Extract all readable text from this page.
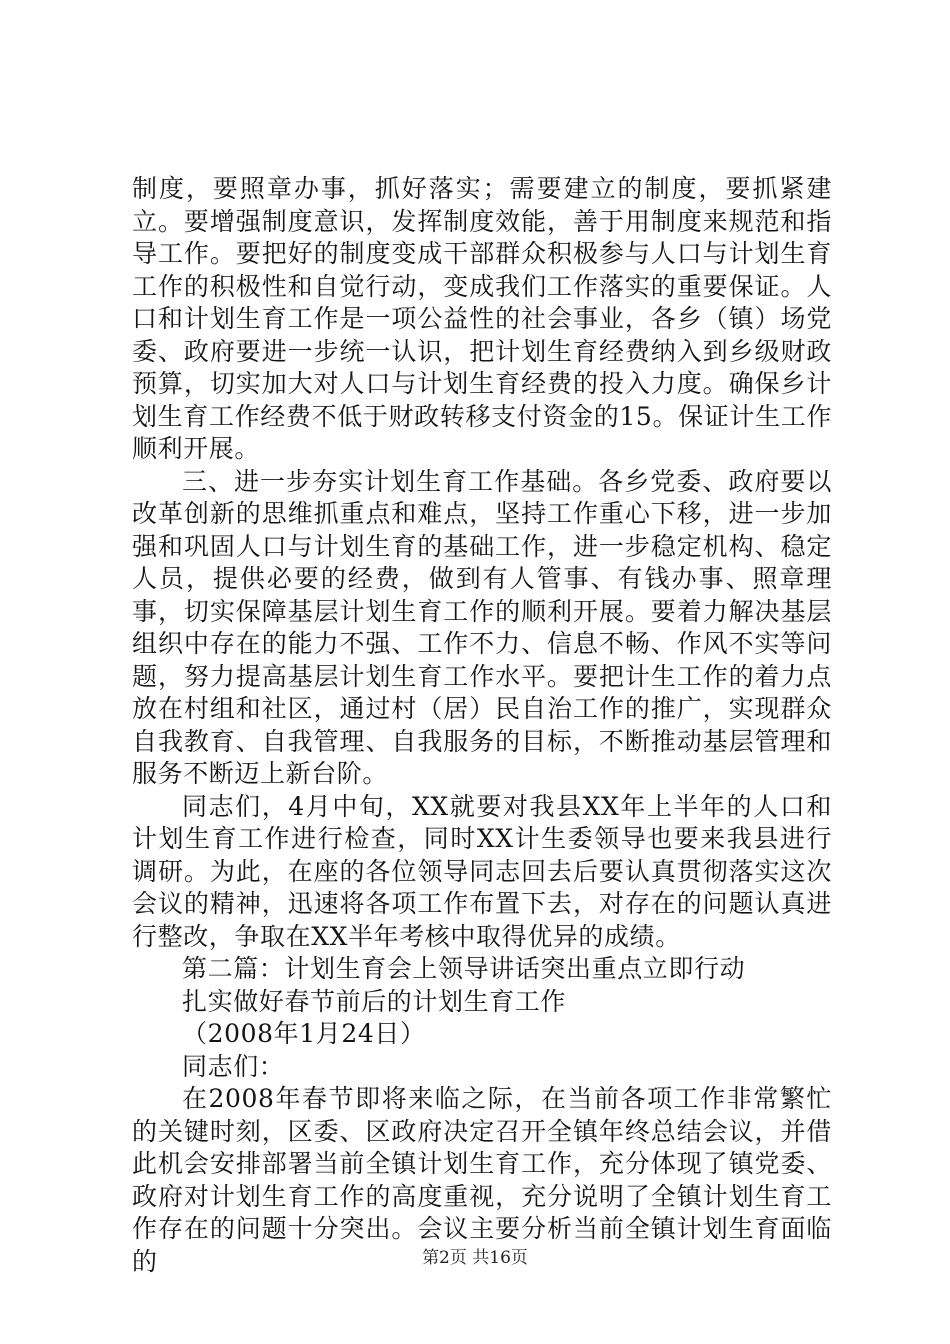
制度，要照章办事，抓好落实；需要建立的制度，要抓紧建立。要增强制度意识，发挥制度效能，善于用制度来规范和指导工作。要把好的制度变成干部群众积极参与人口与计划生育工作的积极性和自觉行动，变成我们工作落实的重要保证。人口和计划生育工作是一项公益性的社会事业，各乡（镇）场党委、政府要进一步统一认识，把计划生育经费纳入到乡级财政预算，切实加大对人口与计划生育经费的投入力度。确保乡计划生育工作经费不低于财政转移支付资金的15。保证计生工作顺利开展。

三、进一步夯实计划生育工作基础。各乡党委、政府要以改革创新的思维抓重点和难点，坚持工作重心下移，进一步加强和巩固人口与计划生育的基础工作，进一步稳定机构、稳定人员，提供必要的经费，做到有人管事、有钱办事、照章理事，切实保障基层计划生育工作的顺利开展。要着力解决基层组织中存在的能力不强、工作不力、信息不畅、作风不实等问题，努力提高基层计划生育工作水平。要把计生工作的着力点放在村组和社区，通过村（居）民自治工作的推广，实现群众自我教育、自我管理、自我服务的目标，不断推动基层管理和服务不断迈上新台阶。

同志们，4月中旬，XX就要对我县XX年上半年的人口和计划生育工作进行检查，同时XX计生委领导也要来我县进行调研。为此，在座的各位领导同志回去后要认真贯彻落实这次会议的精神，迅速将各项工作布置下去，对存在的问题认真进行整改，争取在XX半年考核中取得优异的成绩。

第二篇：计划生育会上领导讲话突出重点立即行动

扎实做好春节前后的计划生育工作

（2008年1月24日）

同志们：

在2008年春节即将来临之际，在当前各项工作非常繁忙的关键时刻，区委、区政府决定召开全镇年终总结会议，并借此机会安排部署当前全镇计划生育工作，充分体现了镇党委、政府对计划生育工作的高度重视，充分说明了全镇计划生育工作存在的问题十分突出。会议主要分析当前全镇计划生育面临的	第2页 共16页
